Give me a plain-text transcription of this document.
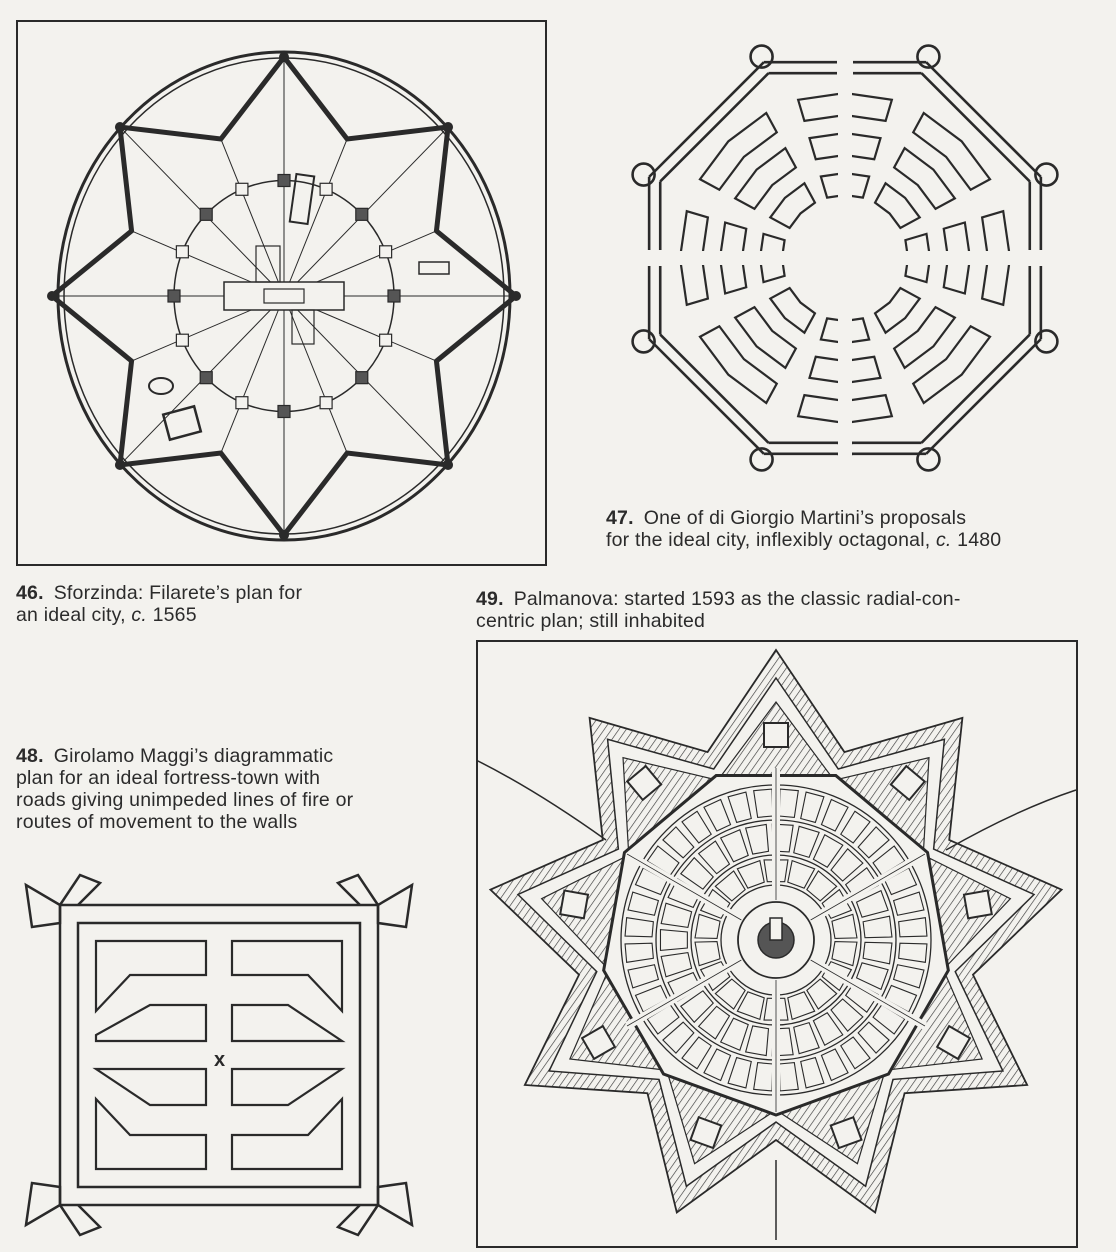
46. Sforzinda: Filarete’s plan for
an ideal city, c. 1565
47. One of di Giorgio Martini’s proposals
for the ideal city, inflexibly octagonal, c. 1480
49. Palmanova: started 1593 as the classic radial-con-
centric plan; still inhabited
48. Girolamo Maggi’s diagrammatic
plan for an ideal fortress-town with
roads giving unimpeded lines of fire or
routes of movement to the walls
x
